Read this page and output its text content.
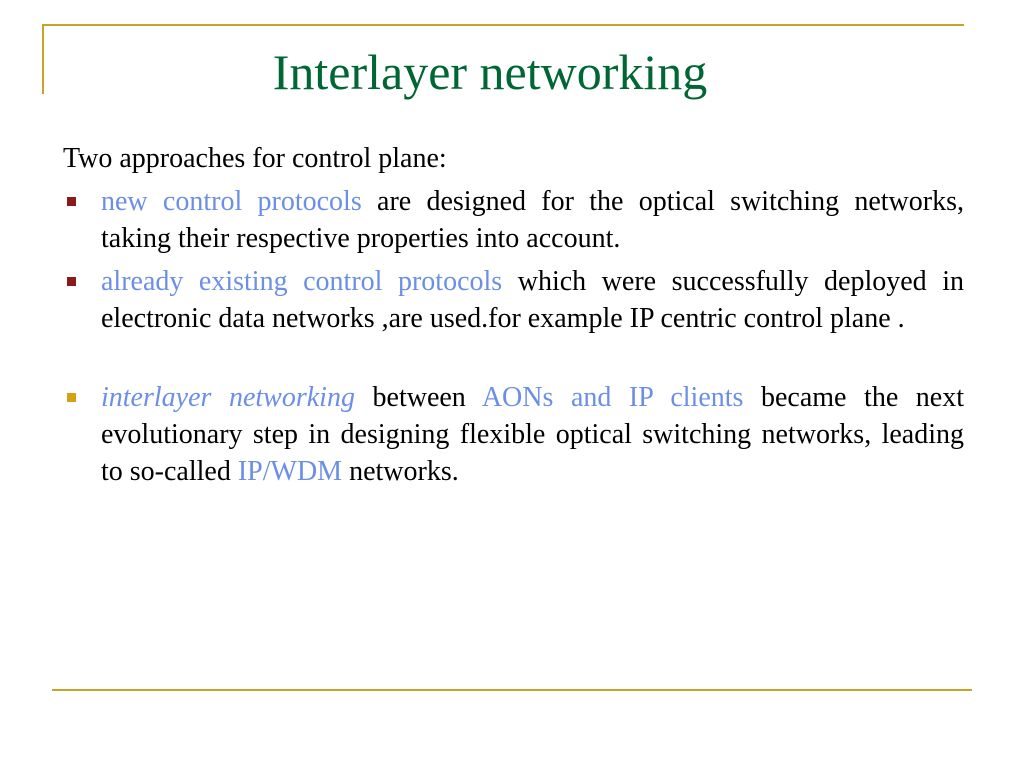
Interlayer networking

Two approaches for control plane:

new control protocols are designed for the optical switching networks, taking their respective properties into account.
already existing control protocols which were successfully deployed in electronic data networks ,are used.for example IP centric control plane .
interlayer networking between AONs and IP clients became the next evolutionary step in designing flexible optical switching networks, leading to so-called IP/WDM networks.
